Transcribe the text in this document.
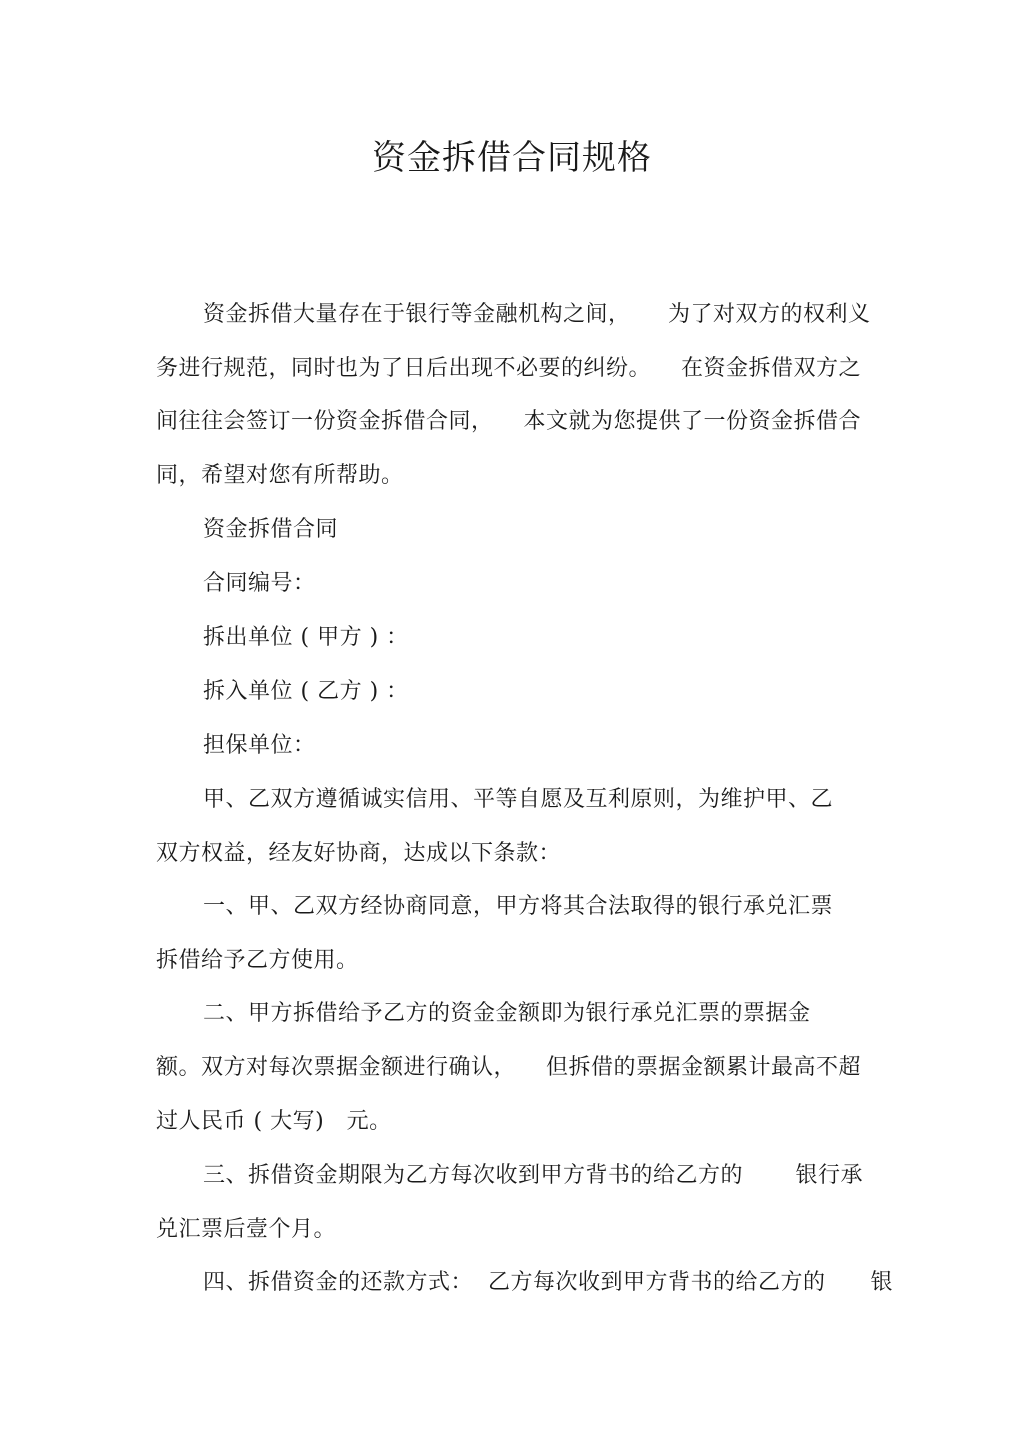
资金拆借合同规格
资金拆借大量存在于银行等金融机构之间，     为了对双方的权利义
务进行规范，同时也为了日后出现不必要的纠纷。    在资金拆借双方之
间往往会签订一份资金拆借合同，    本文就为您提供了一份资金拆借合
同，希望对您有所帮助。
资金拆借合同
合同编号：
拆出单位 ( 甲方 ) ：
拆入单位 ( 乙方 ) ：
担保单位：
甲、乙双方遵循诚实信用、平等自愿及互利原则，为维护甲、乙
双方权益，经友好协商，达成以下条款：
一、甲、乙双方经协商同意，甲方将其合法取得的银行承兑汇票
拆借给予乙方使用。
二、甲方拆借给予乙方的资金金额即为银行承兑汇票的票据金
额。双方对每次票据金额进行确认，    但拆借的票据金额累计最高不超
过人民币 ( 大写)   元。
三、拆借资金期限为乙方每次收到甲方背书的给乙方的       银行承
兑汇票后壹个月。
四、拆借资金的还款方式：  乙方每次收到甲方背书的给乙方的      银
